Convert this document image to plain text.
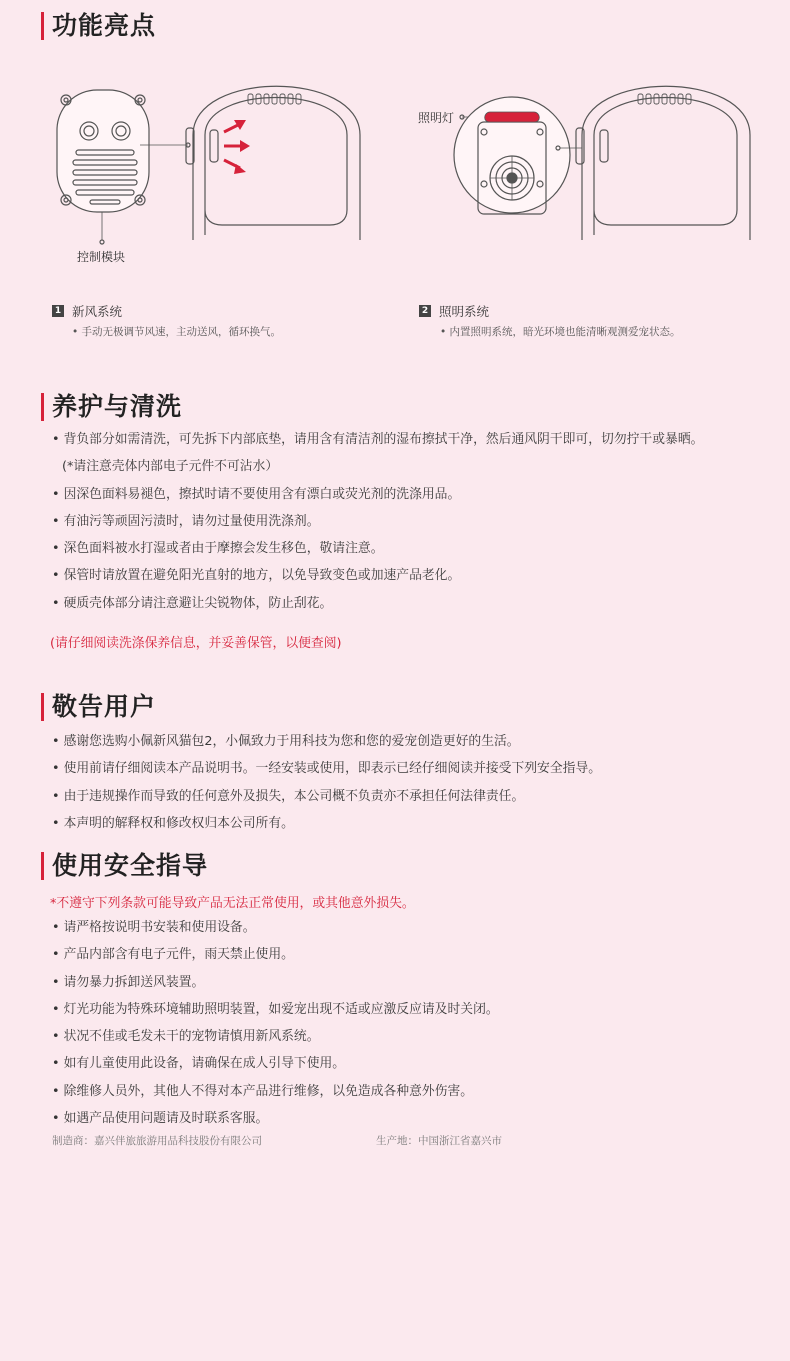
功能亮点
控制模块
照明灯
1 新风系统
• 手动无极调节风速，主动送风，循环换气。
2 照明系统
• 内置照明系统，暗光环境也能清晰观测爱宠状态。
养护与清洗
• 背负部分如需清洗，可先拆下内部底垫，请用含有清洁剂的湿布擦拭干净，然后通风阴干即可，切勿拧干或暴晒。
(*请注意壳体内部电子元件不可沾水）
• 因深色面料易褪色，擦拭时请不要使用含有漂白或荧光剂的洗涤用品。
• 有油污等顽固污渍时，请勿过量使用洗涤剂。
• 深色面料被水打湿或者由于摩擦会发生移色，敬请注意。
• 保管时请放置在避免阳光直射的地方，以免导致变色或加速产品老化。
• 硬质壳体部分请注意避让尖锐物体，防止刮花。
(请仔细阅读洗涤保养信息，并妥善保管，以便查阅)
敬告用户
• 感谢您选购小佩新风猫包2，小佩致力于用科技为您和您的爱宠创造更好的生活。
• 使用前请仔细阅读本产品说明书。一经安装或使用，即表示已经仔细阅读并接受下列安全指导。
• 由于违规操作而导致的任何意外及损失，本公司概不负责亦不承担任何法律责任。
• 本声明的解释权和修改权归本公司所有。
使用安全指导
*不遵守下列条款可能导致产品无法正常使用，或其他意外损失。
• 请严格按说明书安装和使用设备。
• 产品内部含有电子元件，雨天禁止使用。
• 请勿暴力拆卸送风装置。
• 灯光功能为特殊环境辅助照明装置，如爱宠出现不适或应激反应请及时关闭。
• 状况不佳或毛发未干的宠物请慎用新风系统。
• 如有儿童使用此设备，请确保在成人引导下使用。
• 除维修人员外，其他人不得对本产品进行维修，以免造成各种意外伤害。
• 如遇产品使用问题请及时联系客服。
制造商：嘉兴伴旅旅游用品科技股份有限公司	生产地：中国浙江省嘉兴市
